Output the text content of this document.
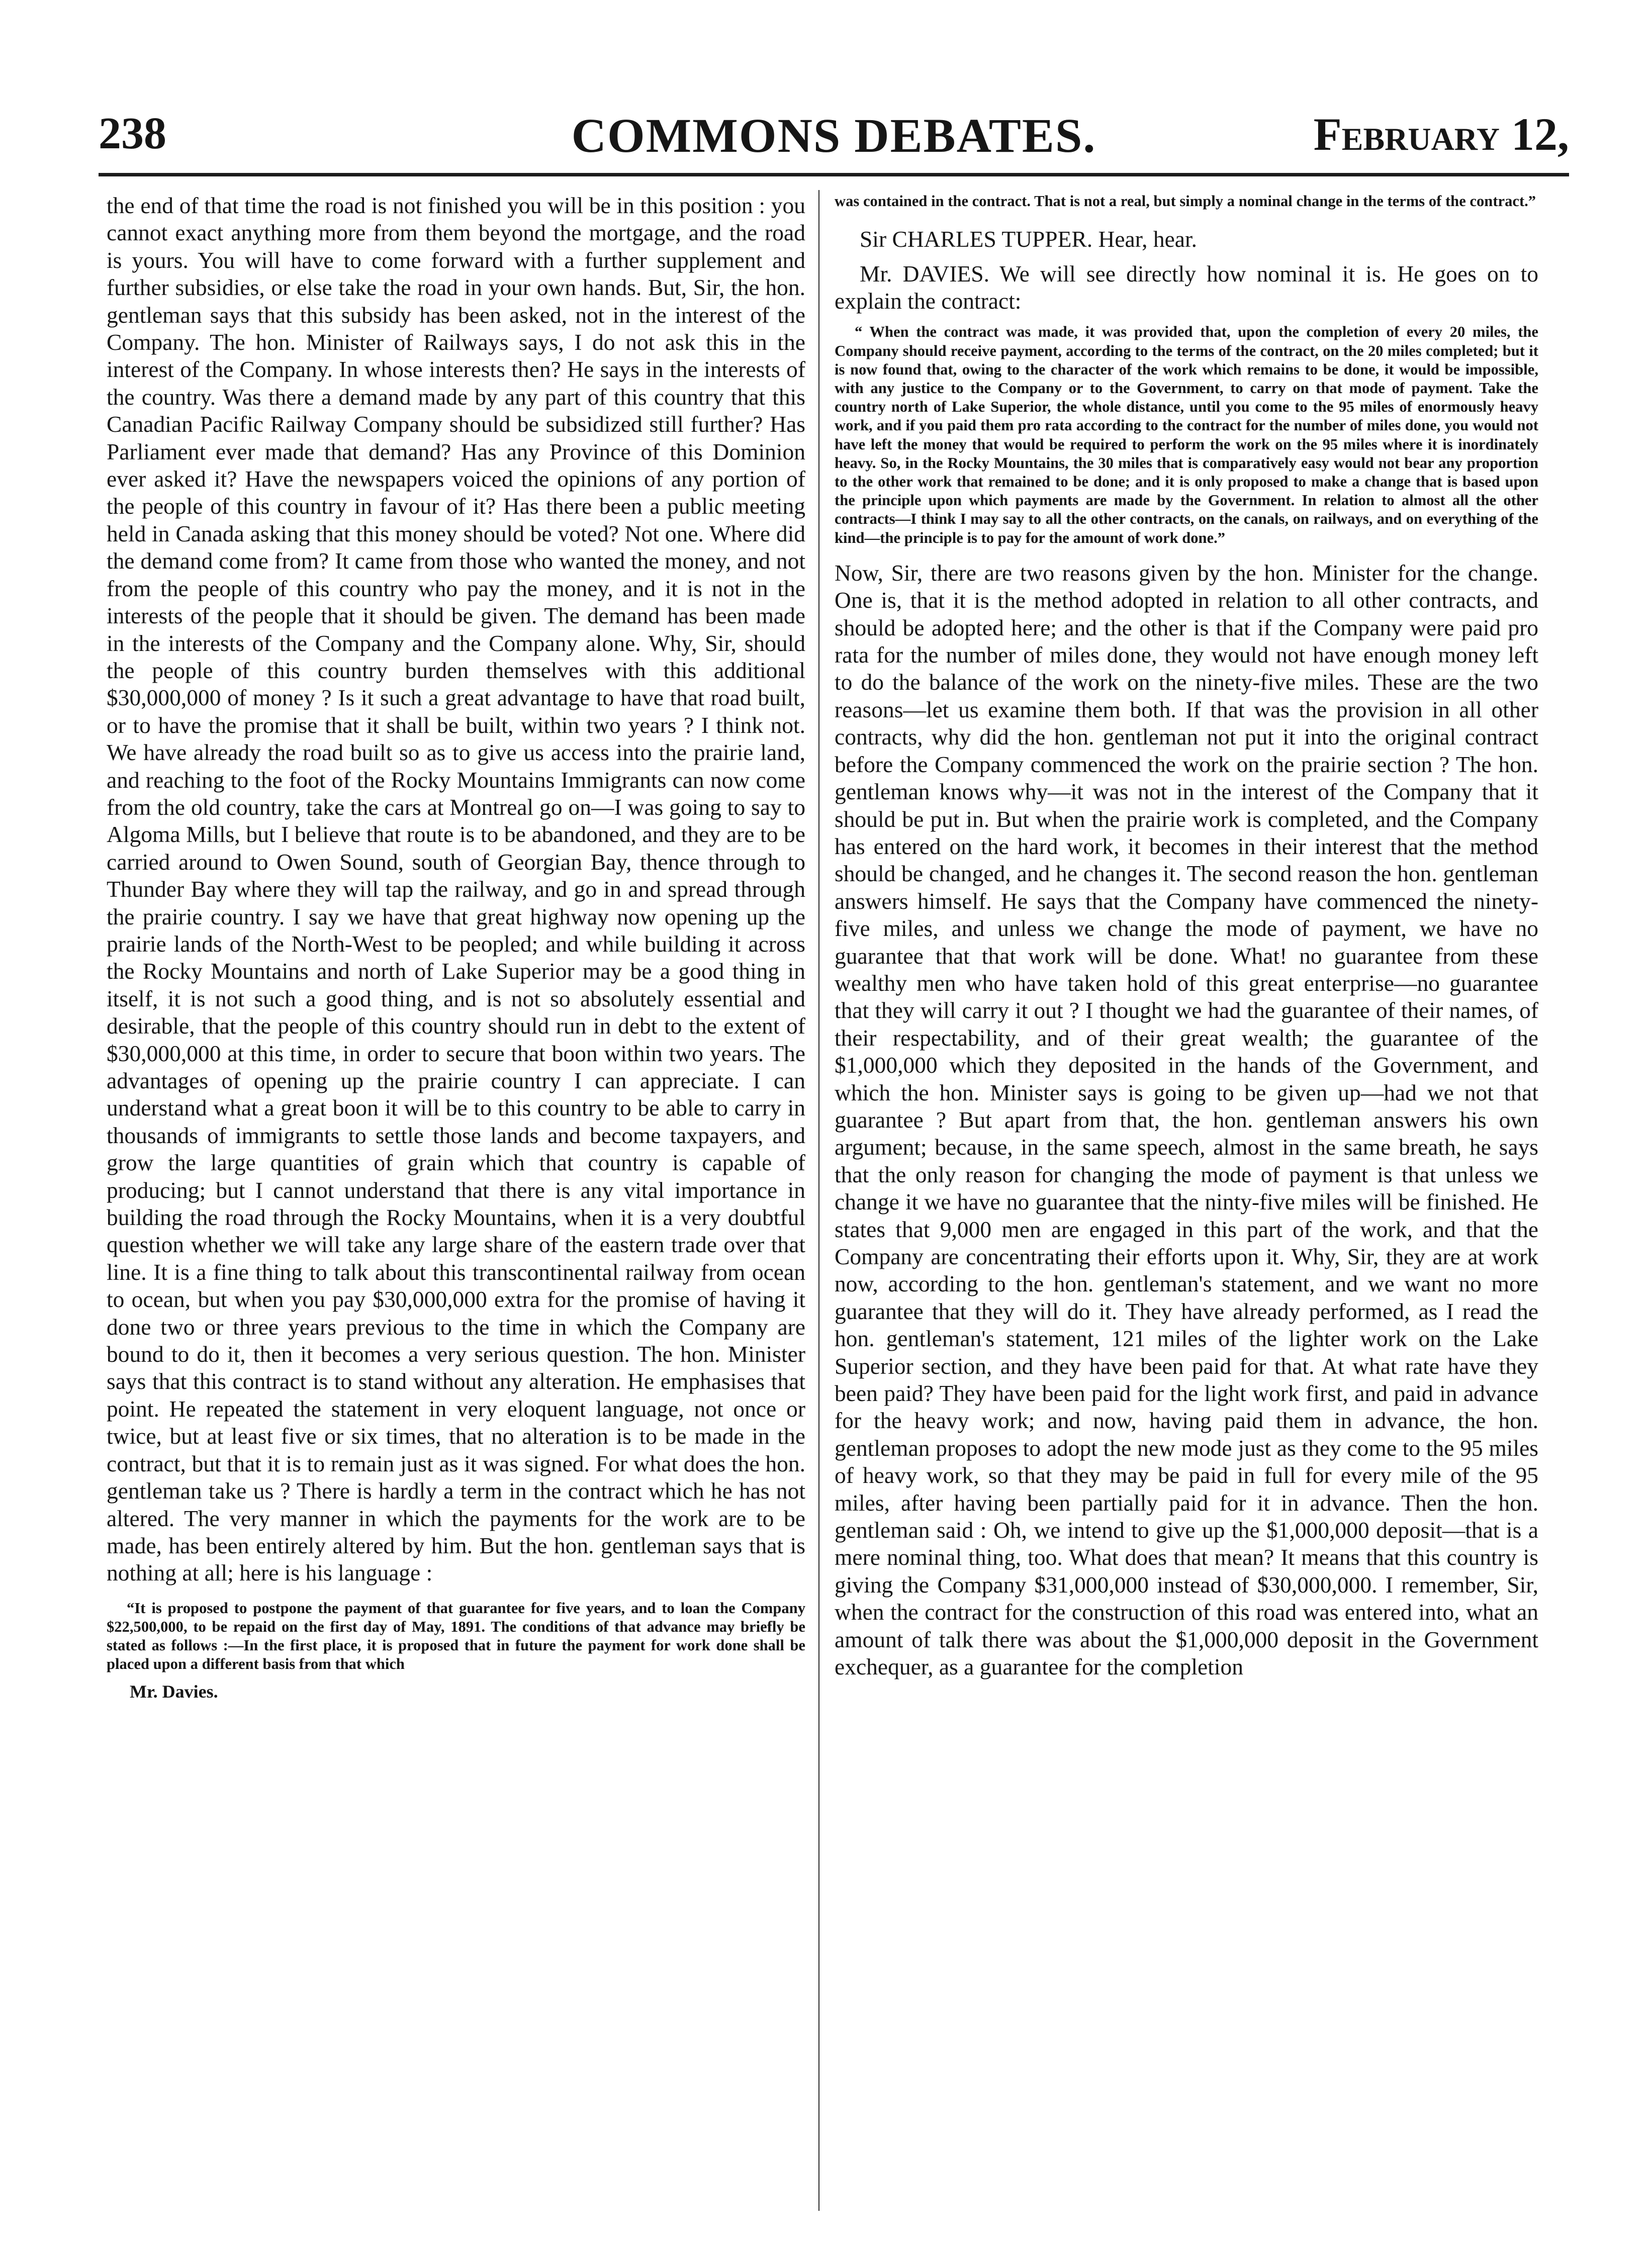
238	COMMONS DEBATES.	February 12,

the end of that time the road is not finished you will be in this position : you cannot exact anything more from them beyond the mortgage, and the road is yours. You will have to come forward with a further supplement and further subsidies, or else take the road in your own hands. But, Sir, the hon. gentleman says that this subsidy has been asked, not in the interest of the Company. The hon. Minister of Railways says, I do not ask this in the interest of the Company. In whose interests then? He says in the interests of the country. Was there a demand made by any part of this country that this Canadian Pacific Railway Company should be subsidized still further? Has Parliament ever made that demand? Has any Province of this Dominion ever asked it? Have the newspapers voiced the opinions of any portion of the people of this country in favour of it? Has there been a public meeting held in Canada asking that this money should be voted? Not one. Where did the demand come from? It came from those who wanted the money, and not from the people of this country who pay the money, and it is not in the interests of the people that it should be given. The demand has been made in the interests of the Company and the Company alone. Why, Sir, should the people of this country burden themselves with this additional $30,000,000 of money ? Is it such a great advantage to have that road built, or to have the promise that it shall be built, within two years ? I think not. We have already the road built so as to give us access into the prairie land, and reaching to the foot of the Rocky Mountains Immigrants can now come from the old country, take the cars at Montreal go on—I was going to say to Algoma Mills, but I believe that route is to be abandoned, and they are to be carried around to Owen Sound, south of Georgian Bay, thence through to Thunder Bay where they will tap the railway, and go in and spread through the prairie country. I say we have that great highway now opening up the prairie lands of the North-West to be peopled; and while building it across the Rocky Mountains and north of Lake Superior may be a good thing in itself, it is not such a good thing, and is not so absolutely essential and desirable, that the people of this country should run in debt to the extent of $30,000,000 at this time, in order to secure that boon within two years. The advantages of opening up the prairie country I can appreciate. I can understand what a great boon it will be to this country to be able to carry in thousands of immigrants to settle those lands and become taxpayers, and grow the large quantities of grain which that country is capable of producing; but I cannot understand that there is any vital importance in building the road through the Rocky Mountains, when it is a very doubtful question whether we will take any large share of the eastern trade over that line. It is a fine thing to talk about this transcontinental railway from ocean to ocean, but when you pay $30,000,000 extra for the promise of having it done two or three years previous to the time in which the Company are bound to do it, then it becomes a very serious question. The hon. Minister says that this contract is to stand without any alteration. He emphasises that point. He repeated the statement in very eloquent language, not once or twice, but at least five or six times, that no alteration is to be made in the contract, but that it is to remain just as it was signed. For what does the hon. gentleman take us ? There is hardly a term in the contract which he has not altered. The very manner in which the payments for the work are to be made, has been entirely altered by him. But the hon. gentleman says that is nothing at all; here is his language :

“It is proposed to postpone the payment of that guarantee for five years, and to loan the Company $22,500,000, to be repaid on the first day of May, 1891. The conditions of that advance may briefly be stated as follows :—In the first place, it is proposed that in future the payment for work done shall be placed upon a different basis from that which

Mr. Davies.

was contained in the contract. That is not a real, but simply a nominal change in the terms of the contract.”

Sir CHARLES TUPPER. Hear, hear.

Mr. DAVIES. We will see directly how nominal it is. He goes on to explain the contract:

“ When the contract was made, it was provided that, upon the completion of every 20 miles, the Company should receive payment, according to the terms of the contract, on the 20 miles completed; but it is now found that, owing to the character of the work which remains to be done, it would be impossible, with any justice to the Company or to the Government, to carry on that mode of payment. Take the country north of Lake Superior, the whole distance, until you come to the 95 miles of enormously heavy work, and if you paid them pro rata according to the contract for the number of miles done, you would not have left the money that would be required to perform the work on the 95 miles where it is inordinately heavy. So, in the Rocky Mountains, the 30 miles that is comparatively easy would not bear any proportion to the other work that remained to be done; and it is only proposed to make a change that is based upon the principle upon which payments are made by the Government. In relation to almost all the other contracts—I think I may say to all the other contracts, on the canals, on railways, and on everything of the kind—the principle is to pay for the amount of work done.”

Now, Sir, there are two reasons given by the hon. Minister for the change. One is, that it is the method adopted in relation to all other contracts, and should be adopted here; and the other is that if the Company were paid pro rata for the number of miles done, they would not have enough money left to do the balance of the work on the ninety-five miles. These are the two reasons—let us examine them both. If that was the provision in all other contracts, why did the hon. gentleman not put it into the original contract before the Company commenced the work on the prairie section ? The hon. gentleman knows why—it was not in the interest of the Company that it should be put in. But when the prairie work is completed, and the Company has entered on the hard work, it becomes in their interest that the method should be changed, and he changes it. The second reason the hon. gentleman answers himself. He says that the Company have commenced the ninety-five miles, and unless we change the mode of payment, we have no guarantee that that work will be done. What! no guarantee from these wealthy men who have taken hold of this great enterprise—no guarantee that they will carry it out ? I thought we had the guarantee of their names, of their respectability, and of their great wealth; the guarantee of the $1,000,000 which they deposited in the hands of the Government, and which the hon. Minister says is going to be given up—had we not that guarantee ? But apart from that, the hon. gentleman answers his own argument; because, in the same speech, almost in the same breath, he says that the only reason for changing the mode of payment is that unless we change it we have no guarantee that the ninty-five miles will be finished. He states that 9,000 men are engaged in this part of the work, and that the Company are concentrating their efforts upon it. Why, Sir, they are at work now, according to the hon. gentleman's statement, and we want no more guarantee that they will do it. They have already performed, as I read the hon. gentleman's statement, 121 miles of the lighter work on the Lake Superior section, and they have been paid for that. At what rate have they been paid? They have been paid for the light work first, and paid in advance for the heavy work; and now, having paid them in advance, the hon. gentleman proposes to adopt the new mode just as they come to the 95 miles of heavy work, so that they may be paid in full for every mile of the 95 miles, after having been partially paid for it in advance. Then the hon. gentleman said : Oh, we intend to give up the $1,000,000 deposit—that is a mere nominal thing, too. What does that mean? It means that this country is giving the Company $31,000,000 instead of $30,000,000. I remember, Sir, when the contract for the construction of this road was entered into, what an amount of talk there was about the $1,000,000 deposit in the Government exchequer, as a guarantee for the completion
